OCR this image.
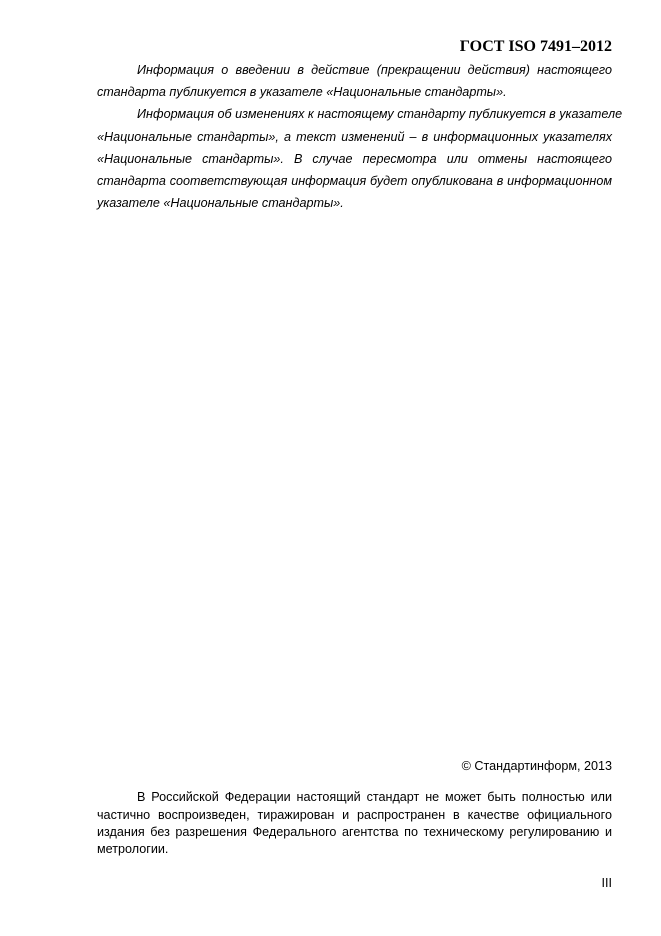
ГОСТ ISO 7491–2012
Информация о введении в действие (прекращении действия) настоящего
стандарта публикуется в указателе «Национальные стандарты».
Информация об изменениях к настоящему стандарту публикуется в указателе
«Национальные стандарты», а текст изменений – в информационных указателях
«Национальные стандарты». В случае пересмотра или отмены настоящего
стандарта соответствующая информация будет опубликована в информационном
указателе «Национальные стандарты».
© Стандартинформ, 2013
В Российской Федерации настоящий стандарт не может быть полностью или
частично воспроизведен, тиражирован и распространен в качестве официального
издания без разрешения Федерального агентства по техническому регулированию и
метрологии.
III
